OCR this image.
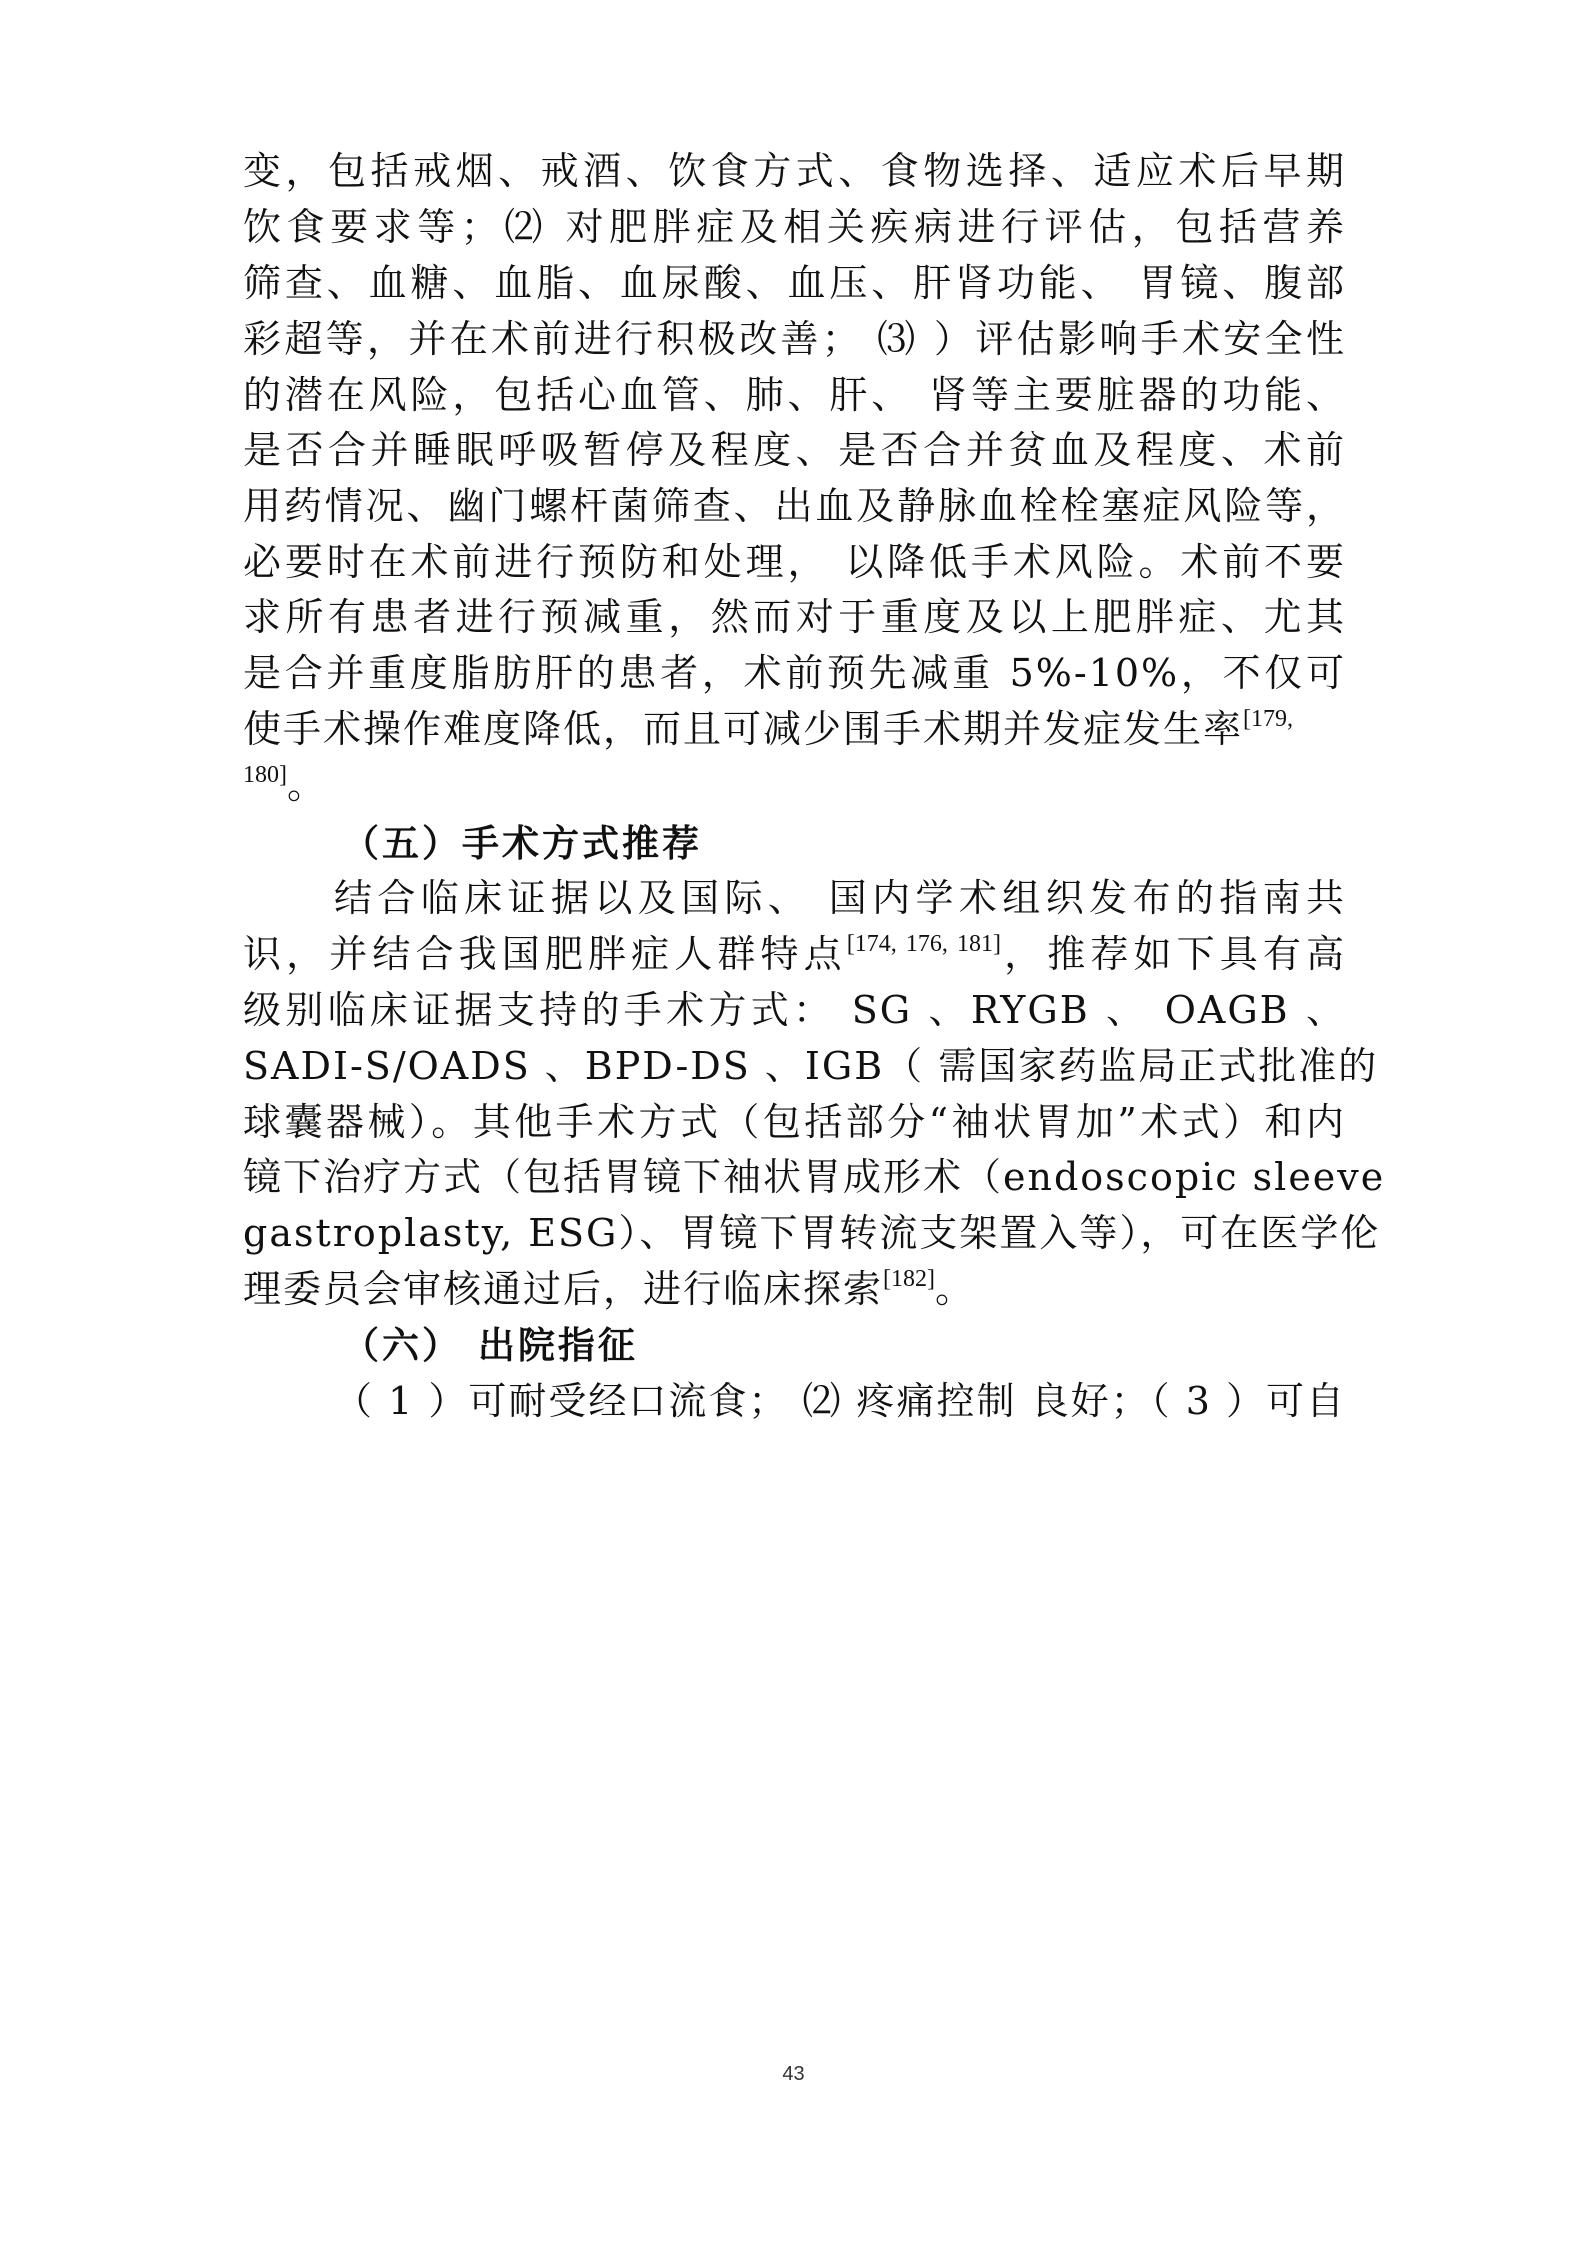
变，包括戒烟、戒酒、饮食方式、食物选择、适应术后早期
饮食要求等；⑵ 对肥胖症及相关疾病进行评估，包括营养
筛查、血糖、血脂、血尿酸、血压、肝肾功能、 胃镜、腹部
彩超等，并在术前进行积极改善； ⑶ ）评估影响手术安全性
的潜在风险，包括心血管、肺、肝、 肾等主要脏器的功能、
是否合并睡眠呼吸暂停及程度、是否合并贫血及程度、术前
用药情况、幽门螺杆菌筛查、出血及静脉血栓栓塞症风险等，
必要时在术前进行预防和处理， 以降低手术风险。术前不要
求所有患者进行预减重，然而对于重度及以上肥胖症、尤其
是合并重度脂肪肝的患者，术前预先减重 5%-10%，不仅可
使手术操作难度降低，而且可减少围手术期并发症发生率$^{[179,}$
$^{180]}$。
（五）手术方式推荐
结合临床证据以及国际、 国内学术组织发布的指南共
识，并结合我国肥胖症人群特点[174, 176, 181]，推荐如下具有高
级别临床证据支持的手术方式： SG 、RYGB 、 OAGB 、
SADI-S/OADS 、BPD-DS 、IGB（ 需国家药监局正式批准的
球囊器械）。其他手术方式（包括部分“袖状胃加”术式）和内
镜下治疗方式（包括胃镜下袖状胃成形术（endoscopic sleeve
gastroplasty, ESG）、胃镜下胃转流支架置入等），可在医学伦
理委员会审核通过后，进行临床探索[182]。
（六） 出院指征
（ 1 ）可耐受经口流食； ⑵ 疼痛控制 良好；（ 3 ）可自
43
